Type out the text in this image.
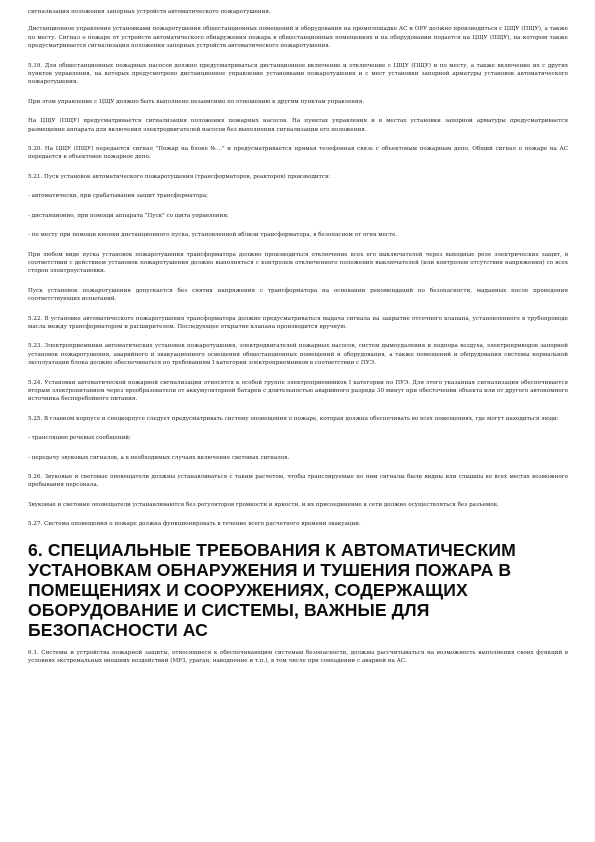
сигнализация положения запорных устройств автоматического пожаротушения.

Дистанционное управление установками пожаротушения общестанционных помещений и оборудования на промплощадке АС и ОРУ должно производиться с ЦЩУ (ПЩУ), а также по месту. Сигнал о пожаре от устройств автоматического обнаружения пожара в общестанционных помещениях и на оборудовании подается на ЦЩУ (ПЩУ), на котором также предусматривается сигнализация положения запорных устройств автоматического пожаротушения.

5.19. Для общестанционных пожарных насосов должно предусматриваться дистанционное включение и отключение с ЦЩУ (ПЩУ) и по месту, а также включение их с других пунктов управления, на которых предусмотрено дистанционное управление установками пожаротушения и с мест установки запорной арматуры установок автоматического пожаротушения.

При этом управление с ЦЩУ должно быть выполнено независимо по отношению к другим пунктам управления.

На ЦЩУ (ПЩУ) предусматривается сигнализация положения пожарных насосов. На пунктах управления и в местах установки запорной арматуры предусматривается размещение аппарата для включения электродвигателей насосов без выполнения сигнализации его положения.

5.20. На ЦЩУ (ПЩУ) передается сигнал "Пожар на блоке №..." и предусматривается прямая телефонная связь с объектовым пожарным депо. Общий сигнал о пожаре на АС передается в объектовое пожарное депо.

5.21. Пуск установок автоматического пожаротушения (трансформаторов, реакторов) производится:

- автоматически, при срабатывании защит трансформатора;

- дистанционно, при помощи аппарата "Пуск" со щита управления;

- по месту при помощи кнопки дистанционного пуска, установленной вблизи трансформатора, в безопасном от огня месте.

При любом виде пуска установок пожаротушения трансформатора должно производиться отключение всех его выключателей через выходные реле электрических защит, в соответствии с действием установок пожаротушения должно выполняться с контролем отключенного положения выключателей (или контролем отсутствия напряжения) со всех сторон электроустановки.

Пуск установок пожаротушения допускается без снятия напряжения с трансформатора на основании рекомендаций по безопасности, выданных после проведения соответствующих испытаний.

5.22. В установке автоматического пожаротушения трансформатора должно предусматриваться выдача сигнала на закрытие отсечного клапана, установленного в трубопроводе масла между трансформатором и расширителем. Последующее открытие клапана производится вручную.

5.23. Электроприемники автоматических установок пожаротушения, электродвигателей пожарных насосов, систем дымоудаления и подпора воздуха, электроприводов запорной установок пожаротушения, аварийного и эвакуационного освещения общестанционных помещений и оборудования, а также помещений и оборудования системы нормальной эксплуатации блока должно обеспечиваться по требованиям I категории электроприемников в соответствии с ПУЭ.

5.24. Установки автоматической пожарной сигнализации относятся к особой группе электроприемников I категории по ПУЭ. Для этого указанная сигнализация обеспечивается вторым электропитанием через преобразователи от аккумуляторной батареи с длительностью аварийного разряда 30 минут при обесточении объекта или от другого автономного источника бесперебойного питания.

5.25. В главном корпусе и спецкорпусе следует предусматривать систему оповещения о пожаре, которая должна обеспечивать во всех помещениях, где могут находиться люди:

- трансляцию речевых сообщений;

- передачу звуковых сигналов, а в необходимых случаях включение световых сигналов.

5.26. Звуковые и световые оповещатели должны устанавливаться с таким расчетом, чтобы транслируемые по ним сигналы были видны или слышны во всех местах возможного пребывания персонала.

Звуковые и световые оповещатели устанавливаются без регуляторов громкости и яркости, и их присоединение к сети должно осуществляться без разъемов.

5.27. Система оповещения о пожаре должна функционировать в течение всего расчетного времени эвакуации.

6. СПЕЦИАЛЬНЫЕ ТРЕБОВАНИЯ К АВТОМАТИЧЕСКИМ УСТАНОВКАМ ОБНАРУЖЕНИЯ И ТУШЕНИЯ ПОЖАРА В ПОМЕЩЕНИЯХ И СООРУЖЕНИЯХ, СОДЕРЖАЩИХ ОБОРУДОВАНИЕ И СИСТЕМЫ, ВАЖНЫЕ ДЛЯ БЕЗОПАСНОСТИ АС

6.1. Системы и устройства пожарной защиты, относящиеся к обеспечивающим системам безопасности, должны рассчитываться на возможность выполнения своих функций в условиях экстремальных внешних воздействий (МРЗ, ураган, наводнение и т.п.), в том числе при совпадении с аварией на АС.
